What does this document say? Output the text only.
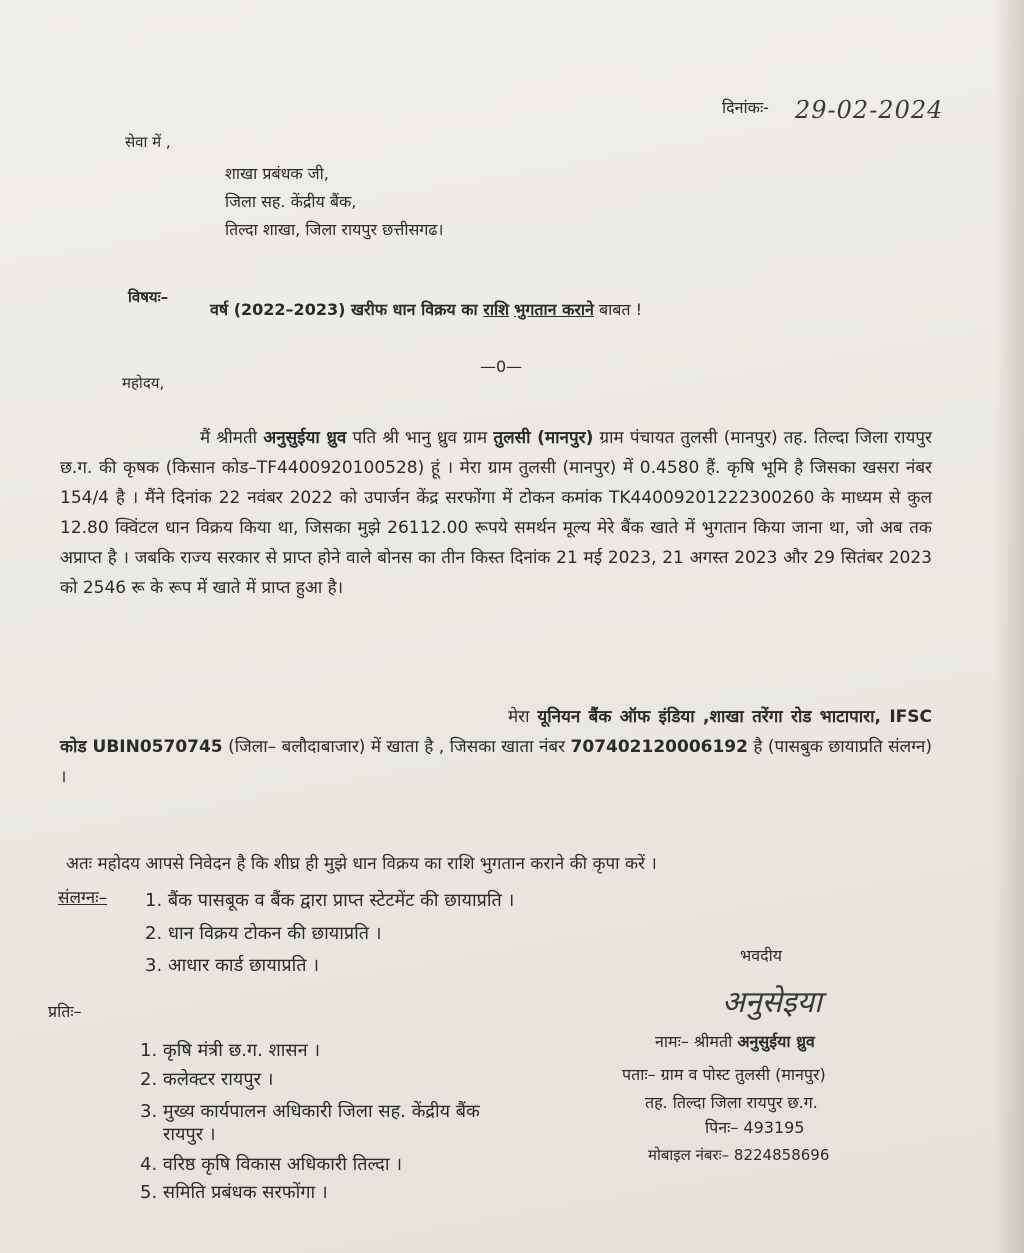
दिनांकः- 29-02-2024
सेवा में ,
शाखा प्रबंधक जी,
जिला सह. केंद्रीय बैंक,
तिल्दा शाखा, जिला रायपुर छत्तीसगढ।
विषयः–
वर्ष (2022–2023) खरीफ धान विक्रय का राशि भुगतान कराने बाबत !
—0—
महोदय,
मैं श्रीमती अनुसुईया ध्रुव पति श्री भानु ध्रुव ग्राम तुलसी (मानपुर) ग्राम पंचायत तुलसी (मानपुर) तह. तिल्दा जिला रायपुर छ.ग. की कृषक (किसान कोड–TF4400920100528) हूं । मेरा ग्राम तुलसी (मानपुर) में 0.4580 हैं. कृषि भूमि है जिसका खसरा नंबर 154/4 है । मैंने दिनांक 22 नवंबर 2022 को उपार्जन केंद्र सरफोंगा में टोकन कमांक TK44009201222300260 के माध्यम से कुल 12.80 क्विंटल धान विक्रय किया था, जिसका मुझे 26112.00 रूपये समर्थन मूल्य मेरे बैंक खाते में भुगतान किया जाना था, जो अब तक अप्राप्त है । जबकि राज्य सरकार से प्राप्त होने वाले बोनस का तीन किस्त दिनांक 21 मई 2023, 21 अगस्त 2023 और 29 सितंबर 2023 को 2546 रू के रूप में खाते में प्राप्त हुआ है।
मेरा यूनियन बैंक ऑफ इंडिया ,शाखा तरेंगा रोड भाटापारा, IFSC कोड UBIN0570745 (जिला– बलौदाबाजार) में खाता है , जिसका खाता नंबर 707402120006192 है (पासबुक छायाप्रति संलग्न) ।
अतः महोदय आपसे निवेदन है कि शीघ्र ही मुझे धान विक्रय का राशि भुगतान कराने की कृपा करें ।
संलग्नः– 1. बैंक पासबूक व बैंक द्वारा प्राप्त स्टेटमेंट की छायाप्रति ।
2. धान विक्रय टोकन की छायाप्रति ।
3. आधार कार्ड छायाप्रति ।	भवदीय
अनुसेइया
नामः– श्रीमती अनुसुईया ध्रुव
पताः– ग्राम व पोस्ट तुलसी (मानपुर)
तह. तिल्दा जिला रायपुर छ.ग.
पिनः– 493195
मोबाइल नंबरः– 8224858696
प्रतिः–
1. कृषि मंत्री छ.ग. शासन ।
2. कलेक्टर रायपुर ।
3. मुख्य कार्यपालन अधिकारी जिला सह. केंद्रीय बैंक
रायपुर ।
4. वरिष्ठ कृषि विकास अधिकारी तिल्दा ।
5. समिति प्रबंधक सरफोंगा ।
